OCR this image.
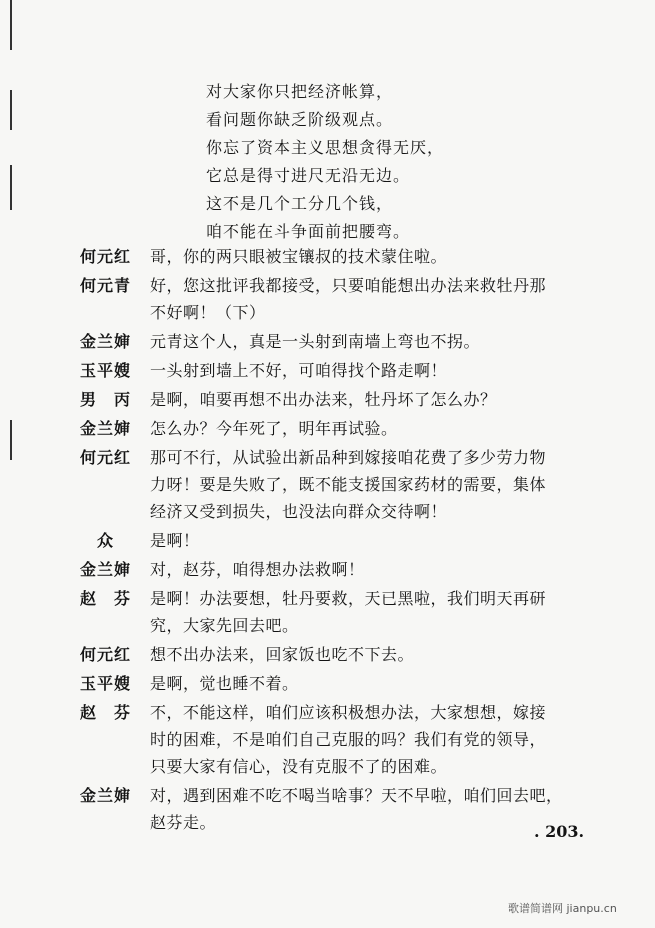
对大家你只把经济帐算，
看问题你缺乏阶级观点。
你忘了资本主义思想贪得无厌，
它总是得寸进尺无沿无边。
这不是几个工分几个钱，
咱不能在斗争面前把腰弯。
何元红	哥，你的两只眼被宝镶叔的技术蒙住啦。
何元青	好，您这批评我都接受，只要咱能想出办法来救牡丹那
不好啊！（下）
金兰婶	元青这个人，真是一头射到南墙上弯也不拐。
玉平嫂	一头射到墙上不好，可咱得找个路走啊！
男　丙	是啊，咱要再想不出办法来，牡丹坏了怎么办？
金兰婶	怎么办？今年死了，明年再试验。
何元红	那可不行，从试验出新品种到嫁接咱花费了多少劳力物
力呀！要是失败了，既不能支援国家药材的需要，集体
经济又受到损失，也没法向群众交待啊！
　众	是啊！
金兰婶	对，赵芬，咱得想办法救啊！
赵　芬	是啊！办法要想，牡丹要救，天已黑啦，我们明天再研
究，大家先回去吧。
何元红	想不出办法来，回家饭也吃不下去。
玉平嫂	是啊，觉也睡不着。
赵　芬	不，不能这样，咱们应该积极想办法，大家想想，嫁接
时的困难，不是咱们自己克服的吗？我们有党的领导，
只要大家有信心，没有克服不了的困难。
金兰婶	对，遇到困难不吃不喝当啥事？天不早啦，咱们回去吧，
赵芬走。	. 203.
歌谱简谱网 jianpu.cn
